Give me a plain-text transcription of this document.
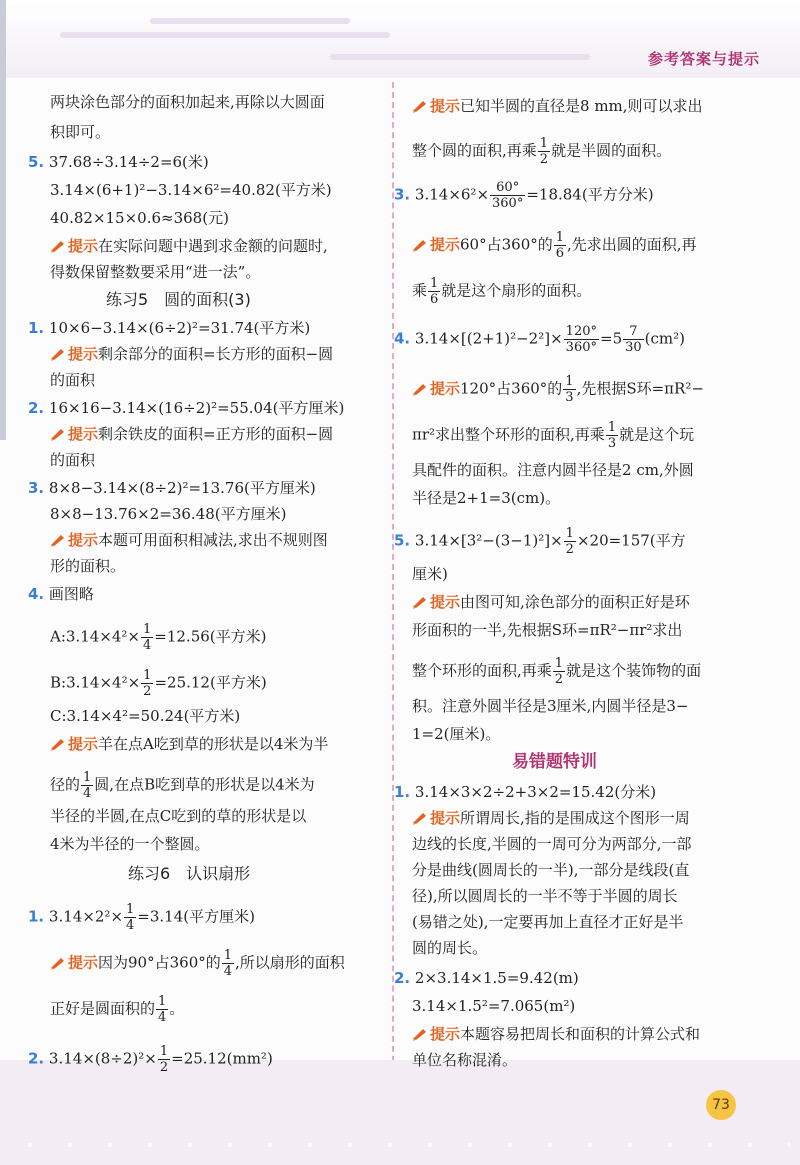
参考答案与提示
73
两块涂色部分的面积加起来,再除以大圆面
积即可。
5. 37.68÷3.14÷2=6(米)
3.14×(6+1)²−3.14×6²=40.82(平方米)
40.82×15×0.6≈368(元)
提示在实际问题中遇到求金额的问题时,
得数保留整数要采用“进一法”。
练习5　圆的面积(3)
1. 10×6−3.14×(6÷2)²=31.74(平方米)
提示剩余部分的面积=长方形的面积−圆
的面积
2. 16×16−3.14×(16÷2)²=55.04(平方厘米)
提示剩余铁皮的面积=正方形的面积−圆
的面积
3. 8×8−3.14×(8÷2)²=13.76(平方厘米)
8×8−13.76×2=36.48(平方厘米)
提示本题可用面积相减法,求出不规则图
形的面积。
4. 画图略
A:3.14×4²× $\frac{1}{4} =12.56$(平方米)
B:3.14×4²× $\frac{1}{2} =25.12$(平方米)
C:3.14×4²=50.24(平方米)
提示羊在点A吃到草的形状是以4米为半
径的 $\frac{1}{4}$ 圆,在点B吃到草的形状是以4米为
半径的半圆,在点C吃到的草的形状是以
4米为半径的一个整圆。
练习6　认识扇形
1. $3.14\times 2^2\times \frac{1}{4} =3.14$(平方厘米)
提示因为90°占360°的 $\frac{1}{4}$ ,所以扇形的面积
正好是圆面积的 $\frac{1}{4}$ 。
2. $3.14\times(8\div 2)^2\times \frac{1}{2} =25.12(mm^2)$
提示已知半圆的直径是8 mm,则可以求出
整个圆的面积,再乘 $\frac{1}{2}$ 就是半圆的面积。
3. $3.14\times 6^2\times \frac{60^\circ}{360^\circ} =18.84$(平方分米)
提示60°占360°的 $\frac{1}{6}$ ,先求出圆的面积,再
乘 $\frac{1}{6}$ 就是这个扇形的面积。
4. $3.14\times[(2+1)^2-2^2]\times \frac{120^\circ}{360^\circ} =5 \frac{7}{30} (cm^2)$
提示120°占360°的 $\frac{1}{3}$ ,先根据S环=πR²−
πr²求出整个环形的面积,再乘 $\frac{1}{3}$ 就是这个玩
具配件的面积。注意内圆半径是2 cm,外圆
半径是2+1=3(cm)。
5. $3.14\times[3^2-(3-1)^2]\times \frac{1}{2} \times 20=157$(平方
厘米)
提示由图可知,涂色部分的面积正好是环
形面积的一半,先根据S环=πR²−πr²求出
整个环形的面积,再乘 $\frac{1}{2}$ 就是这个装饰物的面
积。注意外圆半径是3厘米,内圆半径是3−
1=2(厘米)。
易错题特训
1. 3.14×3×2÷2+3×2=15.42(分米)
提示所谓周长,指的是围成这个图形一周
边线的长度,半圆的一周可分为两部分,一部
分是曲线(圆周长的一半),一部分是线段(直
径),所以圆周长的一半不等于半圆的周长
(易错之处),一定要再加上直径才正好是半
圆的周长。
2. 2×3.14×1.5=9.42(m)
3.14×1.5²=7.065(m²)
提示本题容易把周长和面积的计算公式和
单位名称混淆。
